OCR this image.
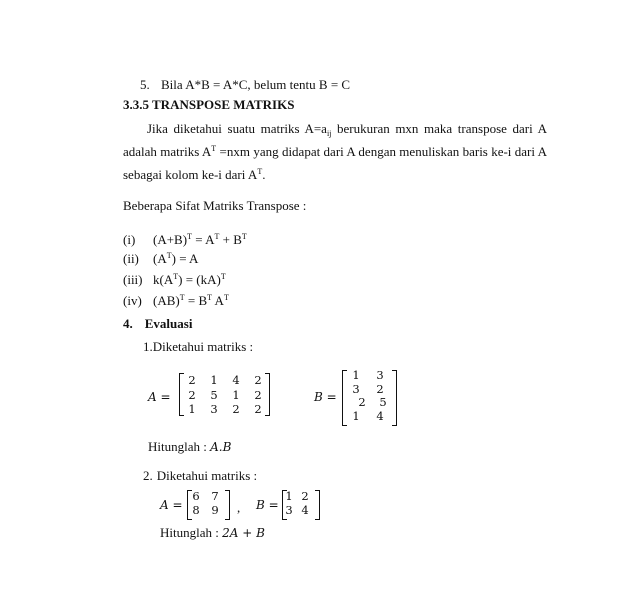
5. Bila A*B = A*C, belum tentu B = C
3.3.5 TRANSPOSE MATRIKS
Jika diketahui suatu matriks $A=a_{ij}$ berukuran mxn maka transpose dari A
adalah matriks $A^T =nxm$ yang didapat dari A dengan menuliskan baris ke-i dari A
sebagai kolom ke-i dari $A^T$.
Beberapa Sifat Matriks Transpose :
(i) $(A+B)^T = A^T + B^T$
(ii) $(A^T) = A$
(iii) $k(A^T) = (kA)^T$
(iv) $(AB)^T = B^T$ $A^T$
4. Evaluasi
1.Diketahui matriks :
A =
2	1	4	2
2	5	1	2
1	3	2	2
B =
1	3
3	2
2	5
1	4
Hitunglah : A.B
2. Diketahui matriks :
A =
6	7
8	9	, B =
1 2
3 4
Hitunglah : 2A + B
